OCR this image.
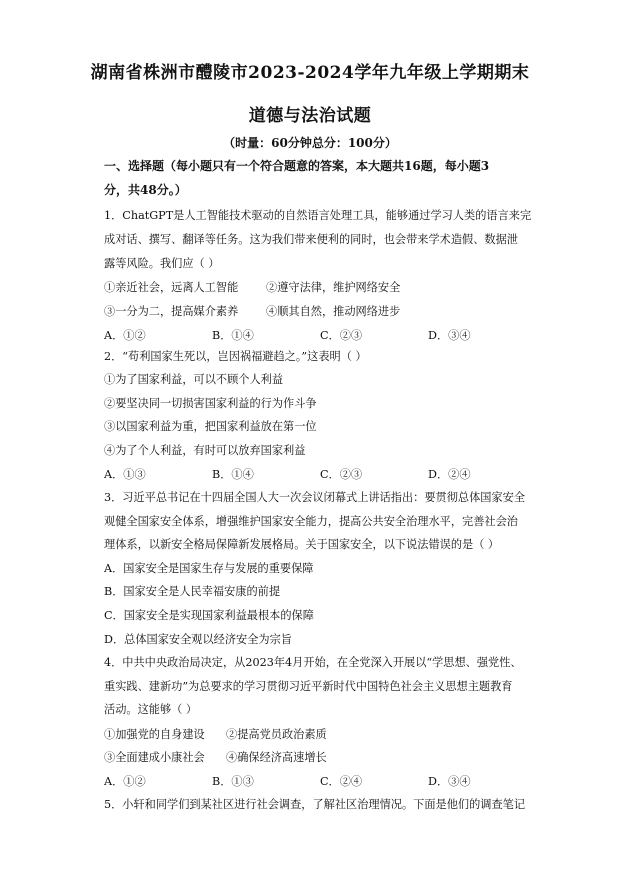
湖南省株洲市醴陵市2023-2024学年九年级上学期期末
道德与法治试题
（时量：60分钟总分：100分）
一、选择题（每小题只有一个符合题意的答案，本大题共16题，每小题3
分，共48分。）
1．ChatGPT是人工智能技术驱动的自然语言处理工具，能够通过学习人类的语言来完
成对话、撰写、翻译等任务。这为我们带来便利的同时，也会带来学术造假、数据泄
露等风险。我们应（ ）
①亲近社会，远离人工智能 ②遵守法律，维护网络安全
③一分为二，提高媒介素养 ④顺其自然，推动网络进步
A．①②	B．①④	C．②③	D．③④
2．“苟利国家生死以，岂因祸福避趋之。”这表明（ ）
①为了国家利益，可以不顾个人利益
②要坚决同一切损害国家利益的行为作斗争
③以国家利益为重，把国家利益放在第一位
④为了个人利益，有时可以放弃国家利益
A．①③	B．①④	C．②③	D．②④
3．习近平总书记在十四届全国人大一次会议闭幕式上讲话指出：要贯彻总体国家安全
观健全国家安全体系，增强维护国家安全能力，提高公共安全治理水平，完善社会治
理体系，以新安全格局保障新发展格局。关于国家安全，以下说法错误的是（ ）
A．国家安全是国家生存与发展的重要保障
B．国家安全是人民幸福安康的前提
C．国家安全是实现国家利益最根本的保障
D．总体国家安全观以经济安全为宗旨
4．中共中央政治局决定，从2023年4月开始，在全党深入开展以“学思想、强党性、
重实践、建新功”为总要求的学习贯彻习近平新时代中国特色社会主义思想主题教育
活动。这能够（ ）
①加强党的自身建设 ②提高党员政治素质
③全面建成小康社会 ④确保经济高速增长
A．①②	B．①③	C．②④	D．③④
5．小轩和同学们到某社区进行社会调查，了解社区治理情况。下面是他们的调查笔记
